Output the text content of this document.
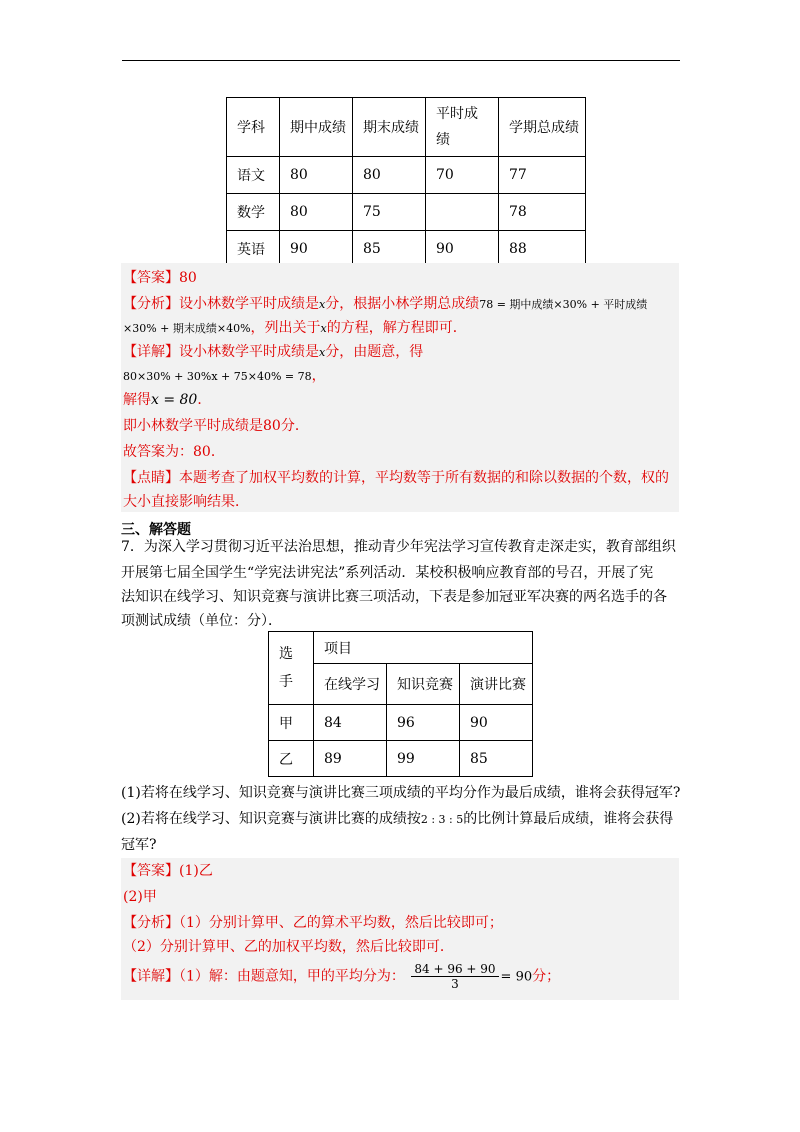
学科	期中成绩	期末成绩	平时成绩	学期总成绩
语文	80	80	70	77
数学	80	75		78
英语	90	85	90	88
【答案】80
【分析】设小林数学平时成绩是x分，根据小林学期总成绩78 = 期中成绩×30% + 平时成绩
×30% + 期末成绩×40%，列出关于x的方程，解方程即可．
【详解】设小林数学平时成绩是x分，由题意，得
80×30% + 30%x + 75×40% = 78，
解得x = 80．
即小林数学平时成绩是80分．
故答案为：80．
【点睛】本题考查了加权平均数的计算，平均数等于所有数据的和除以数据的个数，权的
大小直接影响结果．
三、解答题
7．为深入学习贯彻习近平法治思想，推动青少年宪法学习宣传教育走深走实，教育部组织
开展第七届全国学生“学宪法讲宪法”系列活动．某校积极响应教育部的号召，开展了宪
法知识在线学习、知识竞赛与演讲比赛三项活动，下表是参加冠亚军决赛的两名选手的各
项测试成绩（单位：分）．
选手	项目		
	在线学习	知识竞赛	演讲比赛
甲	84	96	90
乙	89	99	85
(1)若将在线学习、知识竞赛与演讲比赛三项成绩的平均分作为最后成绩，谁将会获得冠军?
(2)若将在线学习、知识竞赛与演讲比赛的成绩按2 : 3 : 5的比例计算最后成绩，谁将会获得
冠军?
【答案】(1)乙
(2)甲
【分析】（1）分别计算甲、乙的算术平均数，然后比较即可；
（2）分别计算甲、乙的加权平均数，然后比较即可．
【详解】（1）解：由题意知，甲的平均分为： $\frac{84 + 96 + 90}{3} = 90$分；
